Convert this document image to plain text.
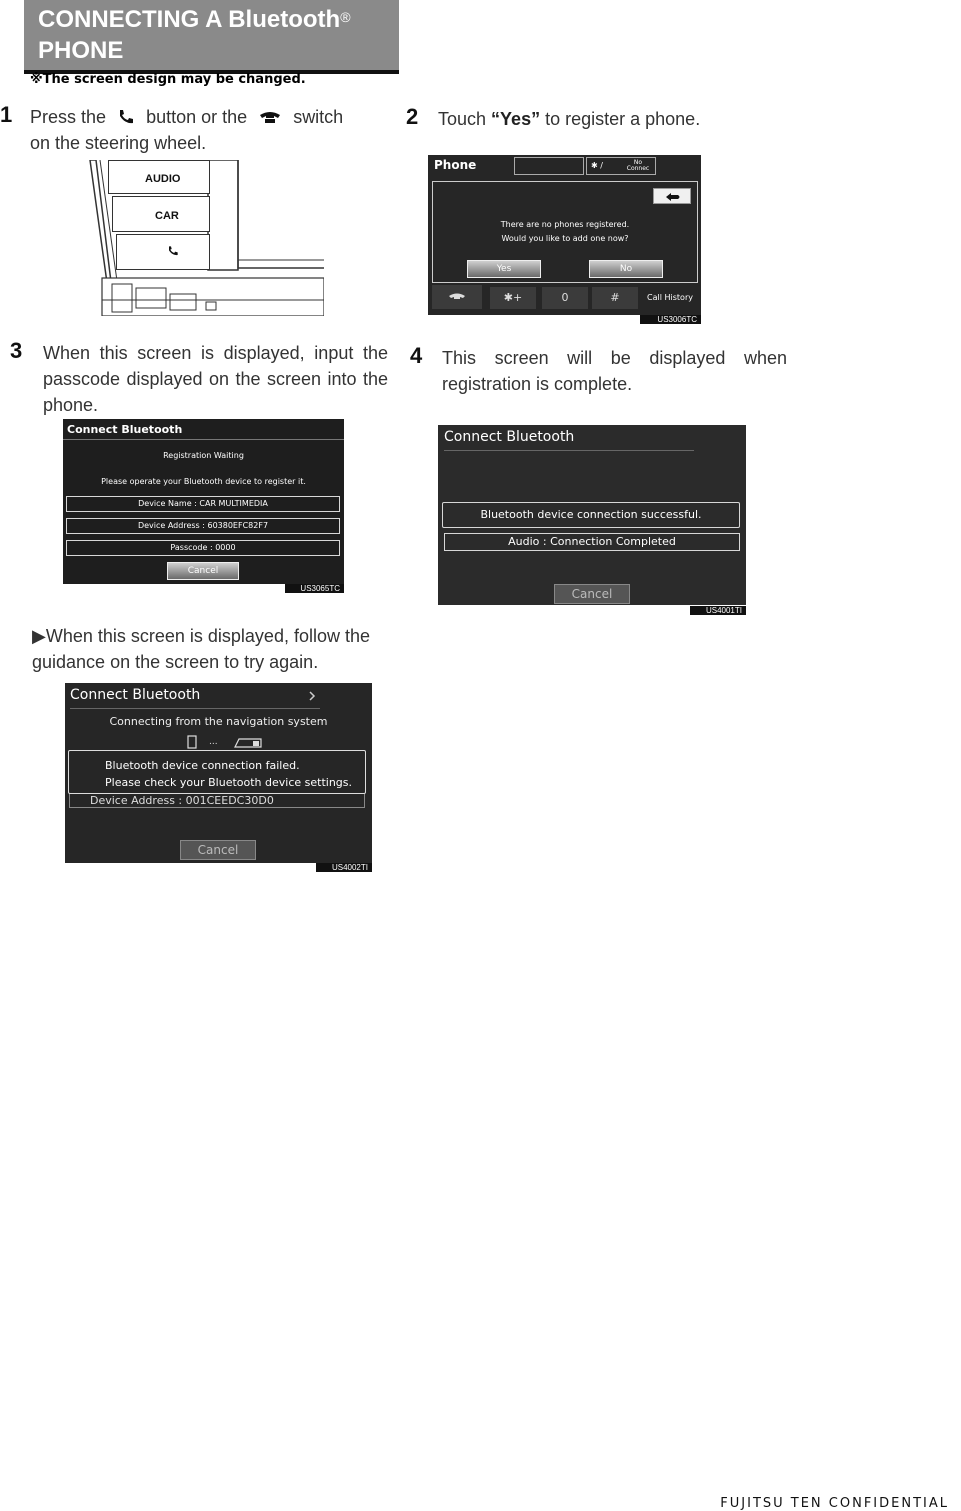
CONNECTING A Bluetooth®
PHONE
※The screen design may be changed.
1 Press the button or the	switch
on the steering wheel.
AUDIO
CAR
2 Touch “Yes” to register a phone.
Phone	✱ /	No Connec
There are no phones registered.
Would you like to add one now?
Yes	No
✱+	0	#	Call History
US3006TC
3 When this screen is displayed, input the passcode displayed on the screen into the phone.
Connect Bluetooth
Registration Waiting
Please operate your Bluetooth device to register it.
Device Name : CAR MULTIMEDIA
Device Address : 60380EFC82F7
Passcode : 0000
Cancel
US3065TC
4 This screen will be displayed when registration is complete.
Connect Bluetooth
Bluetooth device connection successful.
Audio : Connection Completed
Cancel
US4001TI
▶When this screen is displayed, follow the guidance on the screen to try again.
Connect Bluetooth
Connecting from the navigation system
...
Device Address : 001CEEDC30D0
Bluetooth device connection failed.
Please check your Bluetooth device settings.
Cancel
US4002TI
FUJITSU TEN CONFIDENTIAL
